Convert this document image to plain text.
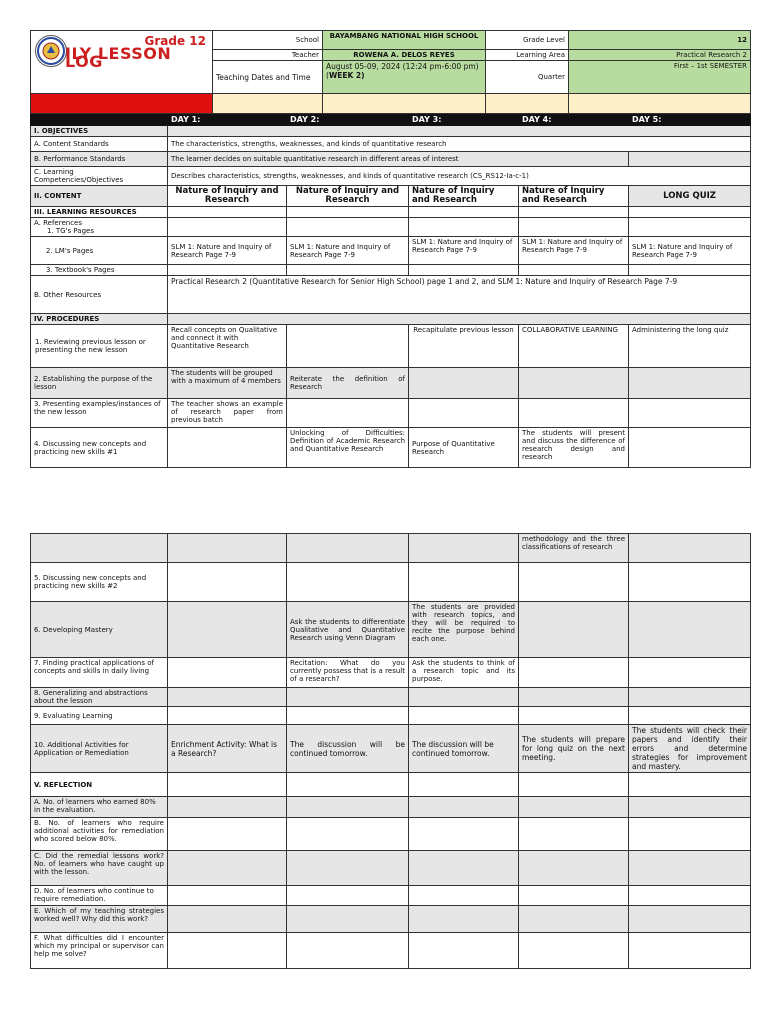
Grade 12
ILY LESSON LOG	School	BAYAMBANG NATIONAL HIGH SCHOOL	Grade Level	12
	Teacher	ROWENA A. DELOS REYES	Learning Area	Practical Research 2
	Teaching Dates and Time	August 05-09, 2024 (12:24 pm-6:00 pm)(WEEK 2)	Quarter	First – 1st SEMESTER

	DAY 1:	DAY 2:	DAY 3:	DAY 4:	DAY 5:
I. OBJECTIVES					
A. Content Standards	The characteristics, strengths, weaknesses, and kinds of quantitative research				
B. Performance Standards	The learner decides on suitable quantitative research in different areas of interest				
C. Learning Competencies/Objectives	Describes characteristics, strengths, weaknesses, and kinds of quantitative research (CS_RS12-Ia-c-1)				
II. CONTENT	Nature of Inquiry and Research	Nature of Inquiry and Research	Nature of Inquiry and Research	Nature of Inquiry and Research	LONG QUIZ
III. LEARNING RESOURCES					

A. References
1. TG's Pages					

2. LM's Pages	SLM 1: Nature and Inquiry of Research Page 7-9	SLM 1: Nature and Inquiry of Research Page 7-9	SLM 1: Nature and Inquiry of Research Page 7-9	SLM 1: Nature and Inquiry of Research Page 7-9	SLM 1: Nature and Inquiry of Research Page 7-9
3. Textbook's Pages					
B. Other Resources	Practical Research 2 (Quantitative Research for Senior High School) page 1 and 2, and SLM 1: Nature and Inquiry of Research Page 7-9				
IV. PROCEDURES					
1. Reviewing previous lesson or presenting the new lesson	Recall concepts on Qualitative and connect it with Quantitative Research		Recapitulate previous lesson	COLLABORATIVE LEARNING	Administering the long quiz
2. Establishing the purpose of the lesson	The students will be grouped with a maximum of 4 members	Reiterate the definition of Research			
3. Presenting examples/instances of the new lesson	The teacher shows an example of research paper from previous batch				
4. Discussing new concepts and practicing new skills #1		Unlocking of Difficulties: Definition of Academic Research and Quantitative Research	Purpose of Quantitative Research	The students will present and discuss the difference of research design and research	
				methodology and the three classifications of research	
5. Discussing new concepts and practicing new skills #2					
6. Developing Mastery		Ask the students to differentiate Qualitative and Quantitative Research using Venn Diagram	The students are provided with research topics, and they will be required to recite the purpose behind each one.		
7. Finding practical applications of concepts and skills in daily living		Recitation: What do you currently possess that is a result of a research?	Ask the students to think of a research topic and its purpose.		
8. Generalizing and abstractions about the lesson					
9. Evaluating Learning					
10. Additional Activities for Application or Remediation	Enrichment Activity: What is a Research?	The discussion will be continued tomorrow.	The discussion will be continued tomorrow.	The students will prepare for long quiz on the next meeting.	The students will check their papers and identify their errors and determine strategies for improvement and mastery.
V. REFLECTION					
A. No. of learners who earned 80% in the evaluation.					
B. No. of learners who require additional activities for remediation who scored below 80%.					
C. Did the remedial lessons work? No. of learners who have caught up with the lesson.					
D. No. of learners who continue to require remediation.					
E. Which of my teaching strategies worked well? Why did this work?					
F. What difficulties did I encounter which my principal or supervisor can help me solve?					
